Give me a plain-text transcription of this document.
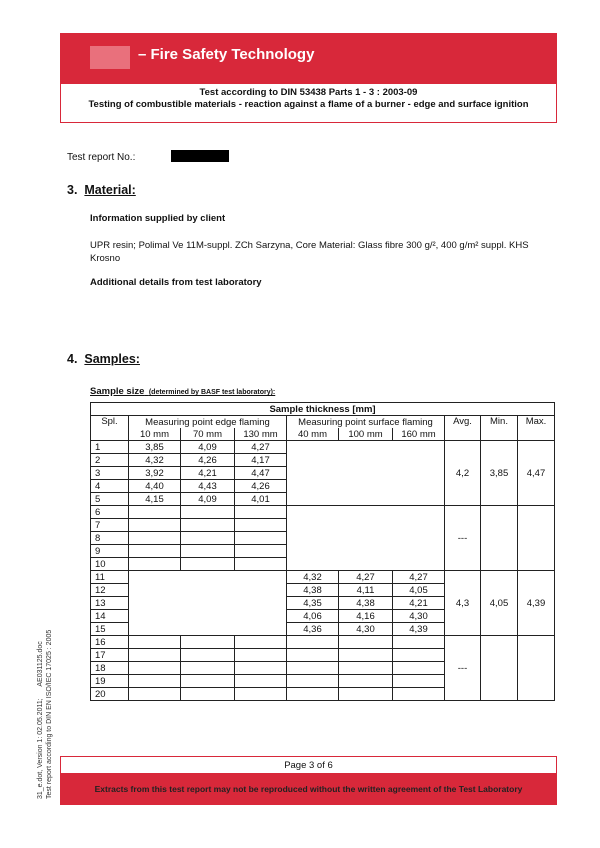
– Fire Safety Technology
Test according to DIN 53438 Parts 1 - 3 : 2003-09
Testing of combustible materials - reaction against a flame of a burner - edge and surface ignition
Test report No.:
3. Material:
Information supplied by client
UPR resin; Polimal Ve 11M-suppl. ZCh Sarzyna, Core Material: Glass fibre 300 g/², 400 g/m² suppl. KHS Krosno
Additional details from test laboratory
4. Samples:
Sample size (determined by BASF test laboratory):
Sample thickness [mm]									
Spl.	Measuring point edge flaming			Measuring point surface flaming			Avg.	Min.	Max.
	10 mm	70 mm	130 mm	40 mm	100 mm	160 mm			
1	3,85	4,09	4,27				4,2	3,85	4,47
2	4,32	4,26	4,17						
3	3,92	4,21	4,47						
4	4,40	4,43	4,26						
5	4,15	4,09	4,01						
6							---		
7									
8									
9									
10									
11				4,32	4,27	4,27	4,3	4,05	4,39
12				4,38	4,11	4,05			
13				4,35	4,38	4,21			
14				4,06	4,16	4,30			
15				4,36	4,30	4,39			
16							---		
17									
18									
19									
20									
31_e.dot, Version 1: 02.05.2011;      AE031125.doc Test report according to DIN EN ISO/IEC 17025 : 2005	Page 3 of 6
Extracts from this test report may not be reproduced without the written agreement of the Test Laboratory
